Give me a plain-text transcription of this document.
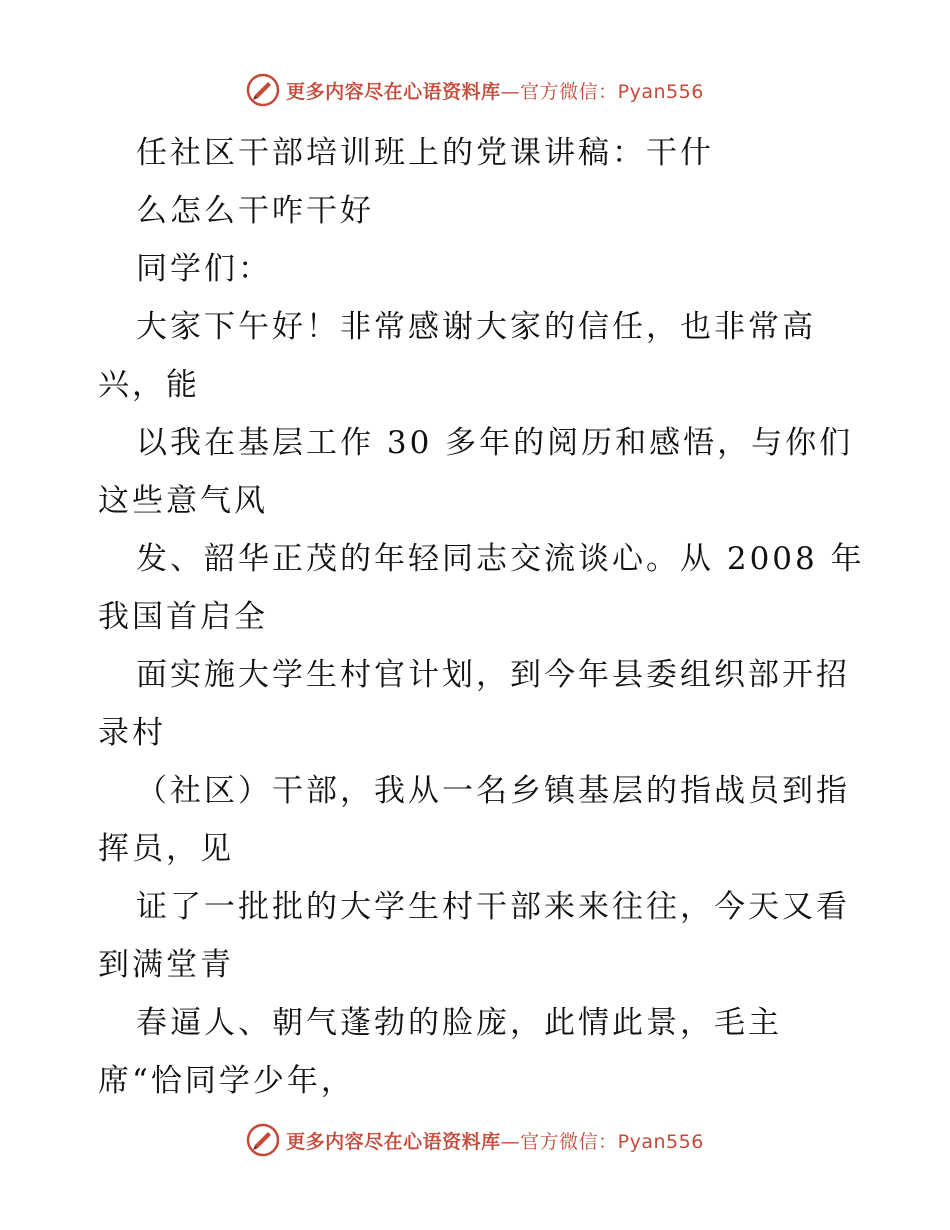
更多内容尽在心语资料库—官方微信：Pyan556
任社区干部培训班上的党课讲稿：干什
么怎么干咋干好
同学们：
大家下午好！非常感谢大家的信任，也非常高
兴，能
以我在基层工作 30 多年的阅历和感悟，与你们
这些意气风
发、韶华正茂的年轻同志交流谈心。从 2008 年
我国首启全
面实施大学生村官计划，到今年县委组织部开招
录村
（社区）干部，我从一名乡镇基层的指战员到指
挥员，见
证了一批批的大学生村干部来来往往，今天又看
到满堂青
春逼人、朝气蓬勃的脸庞，此情此景，毛主
席“恰同学少年，
更多内容尽在心语资料库—官方微信：Pyan556
